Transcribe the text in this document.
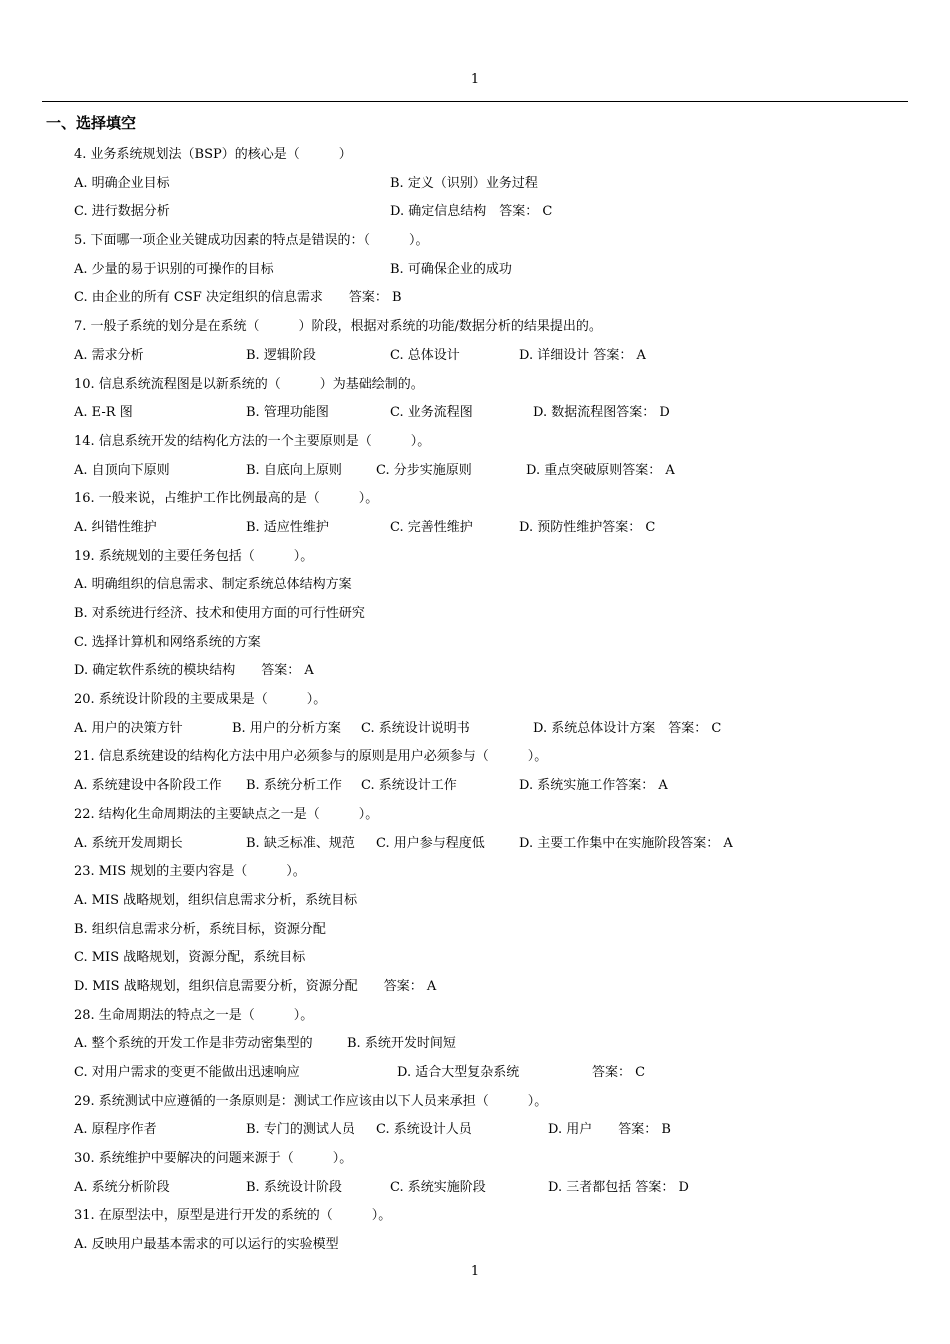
1
一、选择填空
4. 业务系统规划法（BSP）的核心是（　　　）
A. 明确企业目标	B. 定义（识别）业务过程
C. 进行数据分析	D. 确定信息结构　答案： C
5. 下面哪一项企业关键成功因素的特点是错误的：（　　　）。
A. 少量的易于识别的可操作的目标	B. 可确保企业的成功
C. 由企业的所有 CSF 决定组织的信息需求　　答案： B
7. 一般子系统的划分是在系统（　　　）阶段，根据对系统的功能/数据分析的结果提出的。
A. 需求分析	B. 逻辑阶段	C. 总体设计	D. 详细设计 答案： A
10. 信息系统流程图是以新系统的（　　　）为基础绘制的。
A. E-R 图	B. 管理功能图	C. 业务流程图	D. 数据流程图答案： D
14. 信息系统开发的结构化方法的一个主要原则是（　　　）。
A. 自顶向下原则	B. 自底向上原则	C. 分步实施原则	D. 重点突破原则答案： A
16. 一般来说，占维护工作比例最高的是（　　　）。
A. 纠错性维护	B. 适应性维护	C. 完善性维护	D. 预防性维护答案： C
19. 系统规划的主要任务包括（　　　）。
A. 明确组织的信息需求、制定系统总体结构方案
B. 对系统进行经济、技术和使用方面的可行性研究
C. 选择计算机和网络系统的方案
D. 确定软件系统的模块结构　　答案： A
20. 系统设计阶段的主要成果是（　　　）。
A. 用户的决策方针	B. 用户的分析方案 C. 系统设计说明书	D. 系统总体设计方案　答案： C
21. 信息系统建设的结构化方法中用户必须参与的原则是用户必须参与（　　　）。
A. 系统建设中各阶段工作 B. 系统分析工作 C. 系统设计工作	D. 系统实施工作答案： A
22. 结构化生命周期法的主要缺点之一是（　　　）。
A. 系统开发周期长	B. 缺乏标准、规范 C. 用户参与程度低	D. 主要工作集中在实施阶段答案： A
23. MIS 规划的主要内容是（　　　）。
A. MIS 战略规划，组织信息需求分析，系统目标
B. 组织信息需求分析，系统目标，资源分配
C. MIS 战略规划，资源分配，系统目标
D. MIS 战略规划，组织信息需要分析，资源分配　　答案： A
28. 生命周期法的特点之一是（　　　）。
A. 整个系统的开发工作是非劳动密集型的	B. 系统开发时间短
C. 对用户需求的变更不能做出迅速响应	D. 适合大型复杂系统	答案： C
29. 系统测试中应遵循的一条原则是：测试工作应该由以下人员来承担（　　　）。
A. 原程序作者	B. 专门的测试人员 C. 系统设计人员	D. 用户　　答案： B
30. 系统维护中要解决的问题来源于（　　　）。
A. 系统分析阶段	B. 系统设计阶段	C. 系统实施阶段	D. 三者都包括 答案： D
31. 在原型法中，原型是进行开发的系统的（　　　）。
A. 反映用户最基本需求的可以运行的实验模型
1
